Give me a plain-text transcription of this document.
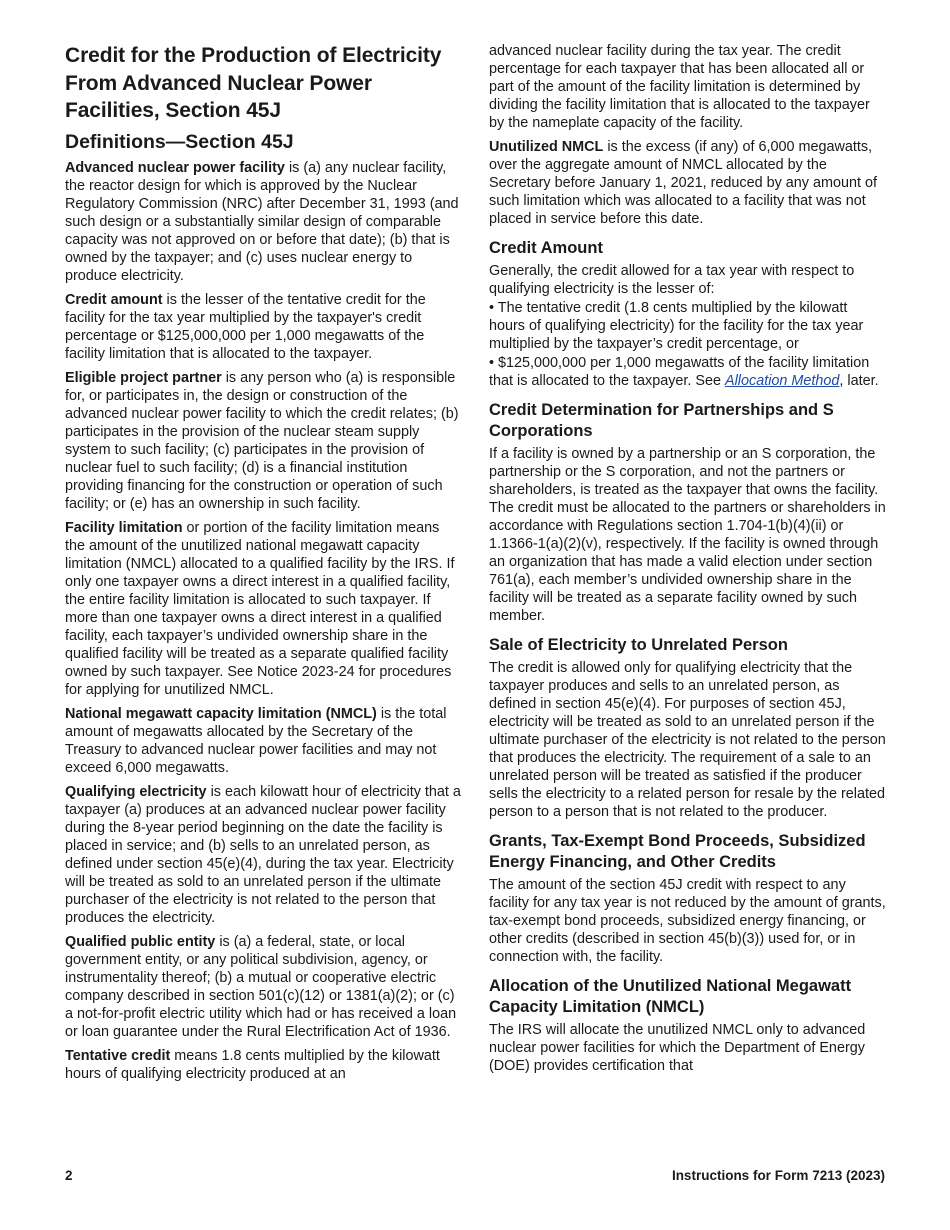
Credit for the Production of Electricity From Advanced Nuclear Power Facilities, Section 45J
Definitions—Section 45J

Advanced nuclear power facility is (a) any nuclear facility, the reactor design for which is approved by the Nuclear Regulatory Commission (NRC) after December 31, 1993 (and such design or a substantially similar design of comparable capacity was not approved on or before that date); (b) that is owned by the taxpayer; and (c) uses nuclear energy to produce electricity.

Credit amount is the lesser of the tentative credit for the facility for the tax year multiplied by the taxpayer's credit percentage or $125,000,000 per 1,000 megawatts of the facility limitation that is allocated to the taxpayer.

Eligible project partner is any person who (a) is responsible for, or participates in, the design or construction of the advanced nuclear power facility to which the credit relates; (b) participates in the provision of the nuclear steam supply system to such facility; (c) participates in the provision of nuclear fuel to such facility; (d) is a financial institution providing financing for the construction or operation of such facility; or (e) has an ownership in such facility.

Facility limitation or portion of the facility limitation means the amount of the unutilized national megawatt capacity limitation (NMCL) allocated to a qualified facility by the IRS. If only one taxpayer owns a direct interest in a qualified facility, the entire facility limitation is allocated to such taxpayer. If more than one taxpayer owns a direct interest in a qualified facility, each taxpayer’s undivided ownership share in the qualified facility will be treated as a separate qualified facility owned by such taxpayer. See Notice 2023-24 for procedures for applying for unutilized NMCL.

National megawatt capacity limitation (NMCL) is the total amount of megawatts allocated by the Secretary of the Treasury to advanced nuclear power facilities and may not exceed 6,000 megawatts.

Qualifying electricity is each kilowatt hour of electricity that a taxpayer (a) produces at an advanced nuclear power facility during the 8-year period beginning on the date the facility is placed in service; and (b) sells to an unrelated person, as defined under section 45(e)(4), during the tax year. Electricity will be treated as sold to an unrelated person if the ultimate purchaser of the electricity is not related to the person that produces the electricity.

Qualified public entity is (a) a federal, state, or local government entity, or any political subdivision, agency, or instrumentality thereof; (b) a mutual or cooperative electric company described in section 501(c)(12) or 1381(a)(2); or (c) a not-for-profit electric utility which had or has received a loan or loan guarantee under the Rural Electrification Act of 1936.

Tentative credit means 1.8 cents multiplied by the kilowatt hours of qualifying electricity produced at an

advanced nuclear facility during the tax year. The credit percentage for each taxpayer that has been allocated all or part of the amount of the facility limitation is determined by dividing the facility limitation that is allocated to the taxpayer by the nameplate capacity of the facility.

Unutilized NMCL is the excess (if any) of 6,000 megawatts, over the aggregate amount of NMCL allocated by the Secretary before January 1, 2021, reduced by any amount of such limitation which was allocated to a facility that was not placed in service before this date.

Credit Amount

Generally, the credit allowed for a tax year with respect to qualifying electricity is the lesser of:

• The tentative credit (1.8 cents multiplied by the kilowatt hours of qualifying electricity) for the facility for the tax year multiplied by the taxpayer’s credit percentage, or

• $125,000,000 per 1,000 megawatts of the facility limitation that is allocated to the taxpayer. See Allocation Method, later.

Credit Determination for Partnerships and S Corporations

If a facility is owned by a partnership or an S corporation, the partnership or the S corporation, and not the partners or shareholders, is treated as the taxpayer that owns the facility. The credit must be allocated to the partners or shareholders in accordance with Regulations section 1.704-1(b)(4)(ii) or 1.1366-1(a)(2)(v), respectively. If the facility is owned through an organization that has made a valid election under section 761(a), each member’s undivided ownership share in the facility will be treated as a separate facility owned by such member.

Sale of Electricity to Unrelated Person

The credit is allowed only for qualifying electricity that the taxpayer produces and sells to an unrelated person, as defined in section 45(e)(4). For purposes of section 45J, electricity will be treated as sold to an unrelated person if the ultimate purchaser of the electricity is not related to the person that produces the electricity. The requirement of a sale to an unrelated person will be treated as satisfied if the producer sells the electricity to a related person for resale by the related person to a person that is not related to the producer.

Grants, Tax-Exempt Bond Proceeds, Subsidized Energy Financing, and Other Credits

The amount of the section 45J credit with respect to any facility for any tax year is not reduced by the amount of grants, tax-exempt bond proceeds, subsidized energy financing, or other credits (described in section 45(b)(3)) used for, or in connection with, the facility.

Allocation of the Unutilized National Megawatt Capacity Limitation (NMCL)

The IRS will allocate the unutilized NMCL only to advanced nuclear power facilities for which the Department of Energy (DOE) provides certification that

2	Instructions for Form 7213 (2023)
